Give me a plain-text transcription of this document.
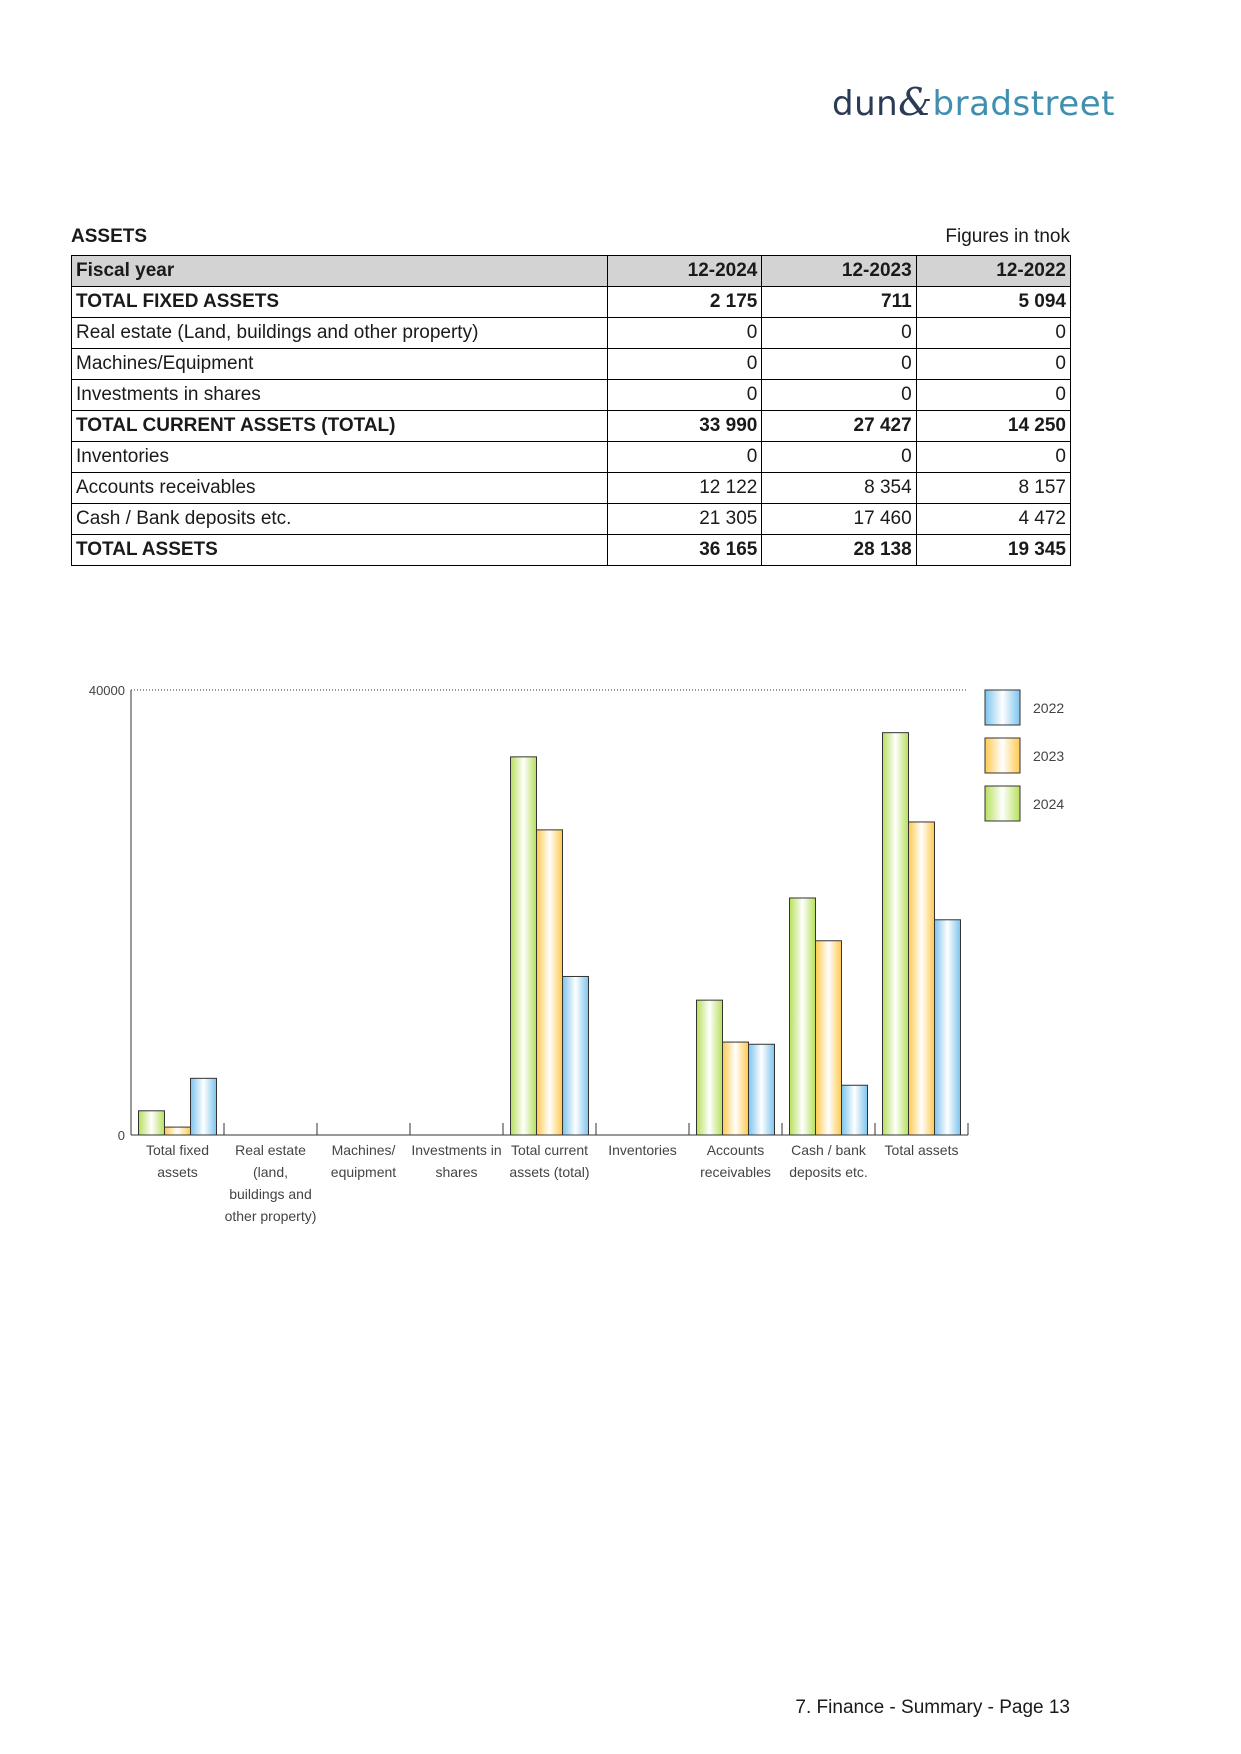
dun&bradstreet
ASSETS	Figures in tnok
Fiscal year	12-2024	12-2023	12-2022
TOTAL FIXED ASSETS	2 175	711	5 094
Real estate (Land, buildings and other property)	0	0	0
Machines/Equipment	0	0	0
Investments in shares	0	0	0
TOTAL CURRENT ASSETS (TOTAL)	33 990	27 427	14 250
Inventories	0	0	0
Accounts receivables	12 122	8 354	8 157
Cash / Bank deposits etc.	21 305	17 460	4 472
TOTAL ASSETS	36 165	28 138	19 345
40000
0
Total fixed
assets
Real estate
(land,
buildings and
other property)
Machines/
equipment
Investments in
shares
Total current
assets (total)
Inventories Accounts
receivables
Cash / bank
deposits etc.
Total assets
2022
2023
2024
7. Finance - Summary - Page 13
